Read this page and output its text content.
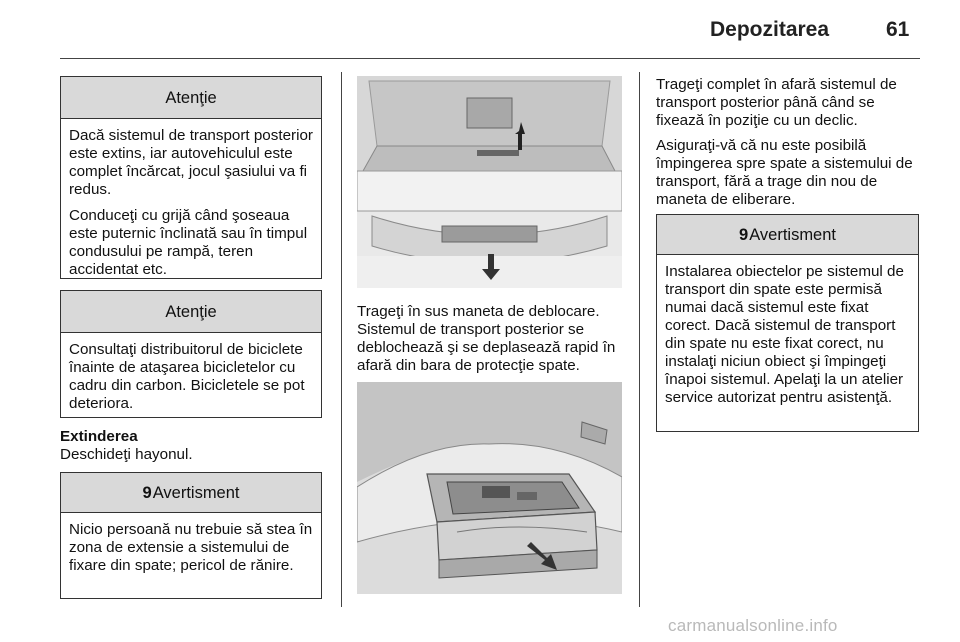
Depozitarea	61
Atenţie

Dacă sistemul de transport posterior este extins, iar autovehiculul este complet încărcat, jocul şasiului va fi redus.

Conduceţi cu grijă când şoseaua este puternic înclinată sau în timpul condusului pe rampă, teren accidentat etc.

Atenţie

Consultaţi distribuitorul de biciclete înainte de ataşarea bicicletelor cu cadru din carbon. Bicicletele se pot deteriora.

Extinderea
Deschideţi hayonul.
9Avertisment

Nicio persoană nu trebuie să stea în zona de extensie a sistemului de fixare din spate; pericol de rănire.

Trageţi în sus maneta de deblocare. Sistemul de transport posterior se deblochează şi se deplasează rapid în afară din bara de protecţie spate.

Trageţi complet în afară sistemul de transport posterior până când se fixează în poziţie cu un declic.

Asiguraţi-vă că nu este posibilă împingerea spre spate a sistemului de transport, fără a trage din nou de maneta de eliberare.

9Avertisment

Instalarea obiectelor pe sistemul de transport din spate este permisă numai dacă sistemul este fixat corect. Dacă sistemul de transport din spate nu este fixat corect, nu instalaţi niciun obiect şi împingeţi înapoi sistemul. Apelaţi la un atelier service autorizat pentru asistenţă.

carmanualsonline.info
